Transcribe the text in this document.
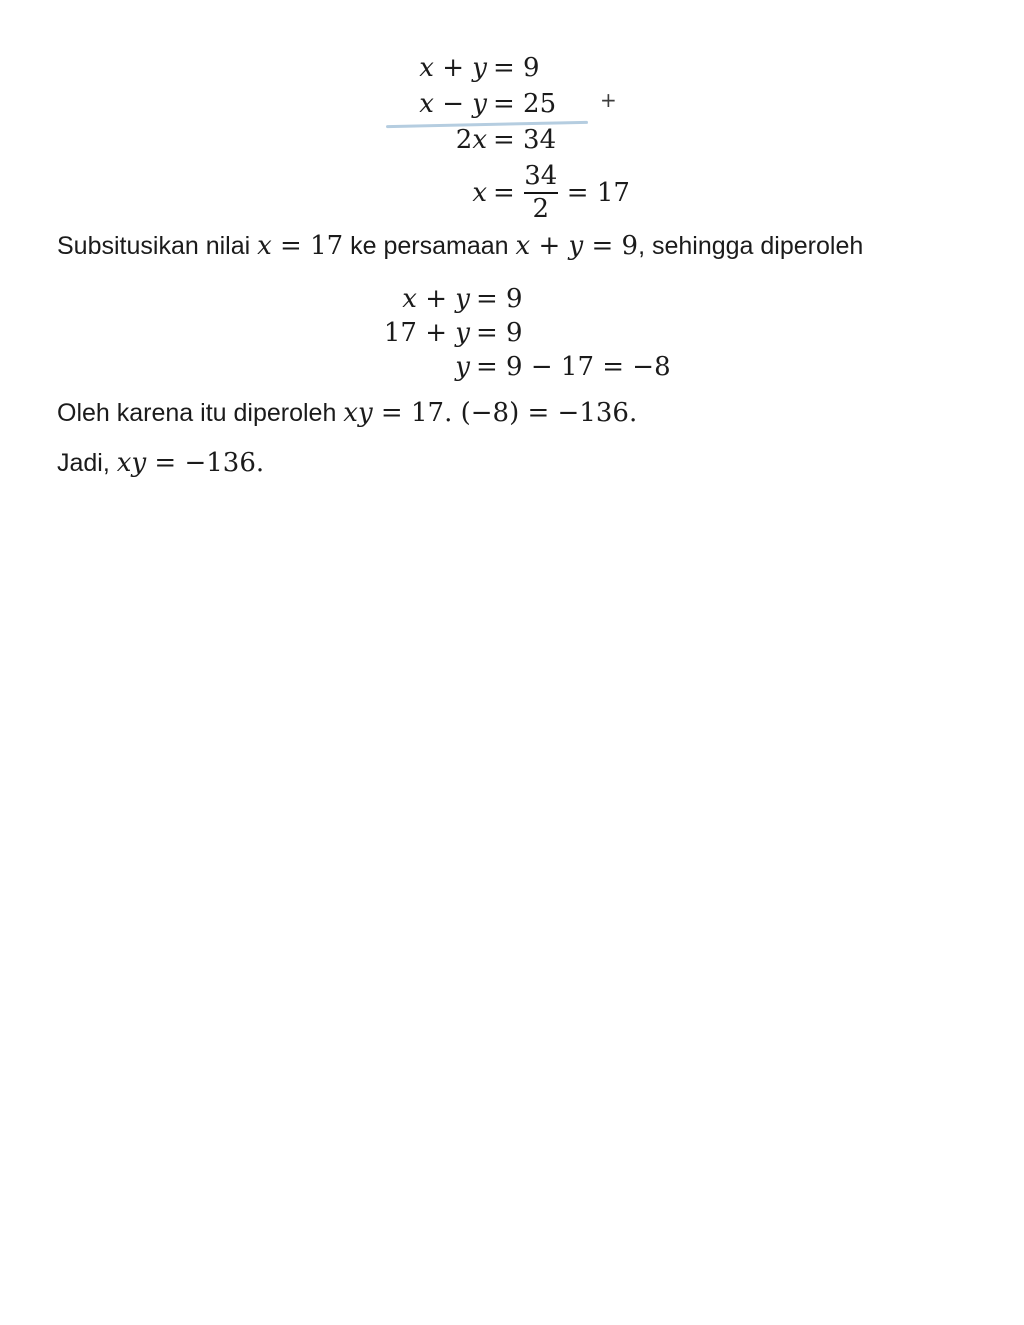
x + y = 9
x − y = 25
2x = 34
$x = \frac{34}{2} = 17$
+

Subsitusikan nilai x = 17 ke persamaan x + y = 9, sehingga diperoleh

x + y = 9
17 + y = 9
y = 9 − 17 = −8

Oleh karena itu diperoleh xy = 17. (−8) = −136.

Jadi, xy = −136.
